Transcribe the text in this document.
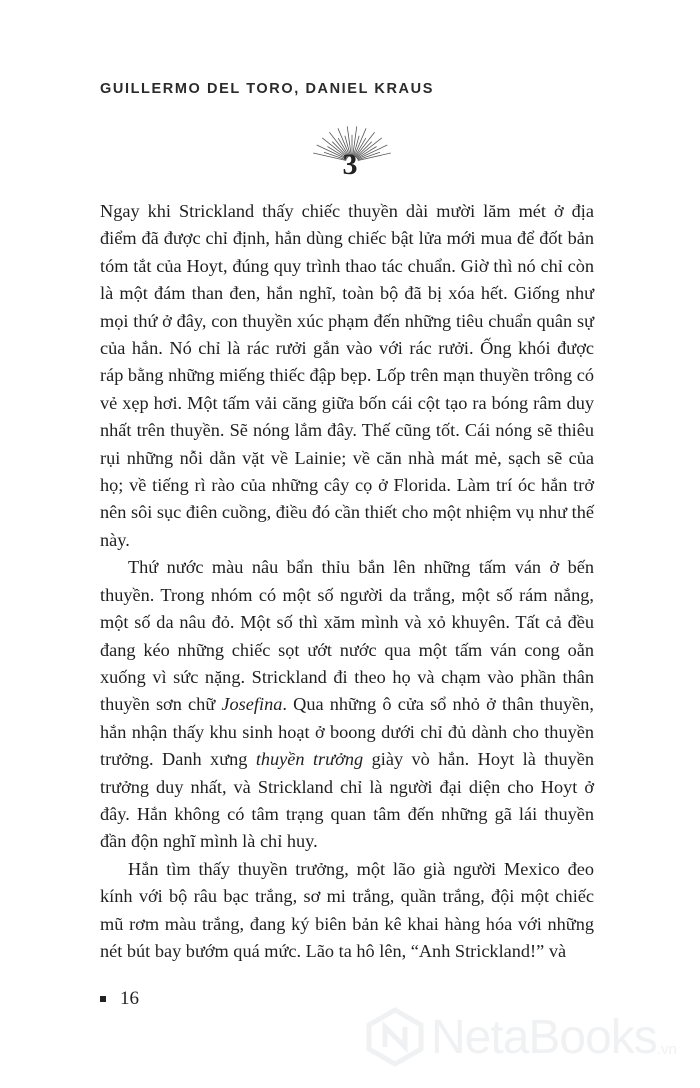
GUILLERMO DEL TORO, DANIEL KRAUS
3

Ngay khi Strickland thấy chiếc thuyền dài mười lăm mét ở địa điểm đã được chỉ định, hắn dùng chiếc bật lửa mới mua để đốt bản tóm tắt của Hoyt, đúng quy trình thao tác chuẩn. Giờ thì nó chỉ còn là một đám than đen, hắn nghĩ, toàn bộ đã bị xóa hết. Giống như mọi thứ ở đây, con thuyền xúc phạm đến những tiêu chuẩn quân sự của hắn. Nó chỉ là rác rưởi gắn vào với rác rưởi. Ống khói được ráp bằng những miếng thiếc đập bẹp. Lốp trên mạn thuyền trông có vẻ xẹp hơi. Một tấm vải căng giữa bốn cái cột tạo ra bóng râm duy nhất trên thuyền. Sẽ nóng lắm đây. Thế cũng tốt. Cái nóng sẽ thiêu rụi những nỗi dằn vặt về Lainie; về căn nhà mát mẻ, sạch sẽ của họ; về tiếng rì rào của những cây cọ ở Florida. Làm trí óc hắn trở nên sôi sục điên cuồng, điều đó cần thiết cho một nhiệm vụ như thế này.

Thứ nước màu nâu bẩn thỉu bắn lên những tấm ván ở bến thuyền. Trong nhóm có một số người da trắng, một số rám nắng, một số da nâu đỏ. Một số thì xăm mình và xỏ khuyên. Tất cả đều đang kéo những chiếc sọt ướt nước qua một tấm ván cong oằn xuống vì sức nặng. Strickland đi theo họ và chạm vào phần thân thuyền sơn chữ Josefina. Qua những ô cửa sổ nhỏ ở thân thuyền, hắn nhận thấy khu sinh hoạt ở boong dưới chỉ đủ dành cho thuyền trưởng. Danh xưng thuyền trưởng giày vò hắn. Hoyt là thuyền trưởng duy nhất, và Strickland chỉ là người đại diện cho Hoyt ở đây. Hắn không có tâm trạng quan tâm đến những gã lái thuyền đần độn nghĩ mình là chỉ huy.

Hắn tìm thấy thuyền trưởng, một lão già người Mexico đeo kính với bộ râu bạc trắng, sơ mi trắng, quần trắng, đội một chiếc mũ rơm màu trắng, đang ký biên bản kê khai hàng hóa với những nét bút bay bướm quá mức. Lão ta hô lên, “Anh Strickland!” và

16
NetaBooks .vn
